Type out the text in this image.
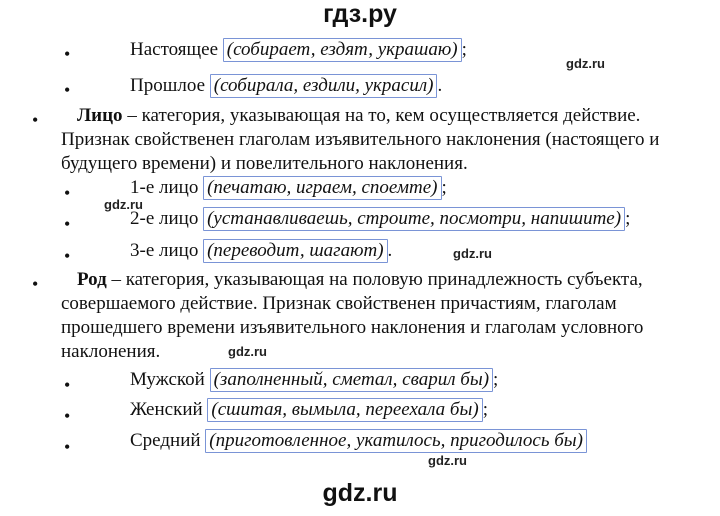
гдз.ру
•	Настоящее (собирает, ездят, украшаю) ;
•	Прошлое (собирала, ездили, украсил) .
•	Лицо – категория, указывающая на то, кем осуществляется действие.
Признак свойственен глаголам изъявительного наклонения (настоящего и
будущего времени) и повелительного наклонения.
•	1-е лицо (печатаю, играем, споемте) ;
•	2-е лицо (устанавливаешь, строите, посмотри, напишите) ;
•	3-е лицо (переводит, шагают) .
•	Род – категория, указывающая на половую принадлежность субъекта,
совершаемого действие. Признак свойственен причастиям, глаголам
прошедшего времени изъявительного наклонения и глаголам условного
наклонения.
•	Мужской (заполненный, сметал, сварил бы) ;
•	Женский (сшитая, вымыла, переехала бы) ;
•	Средний (приготовленное, укатилось, пригодилось бы)
gdz.ru
gdz.ru
gdz.ru
gdz.ru
gdz.ru
gdz.ru
